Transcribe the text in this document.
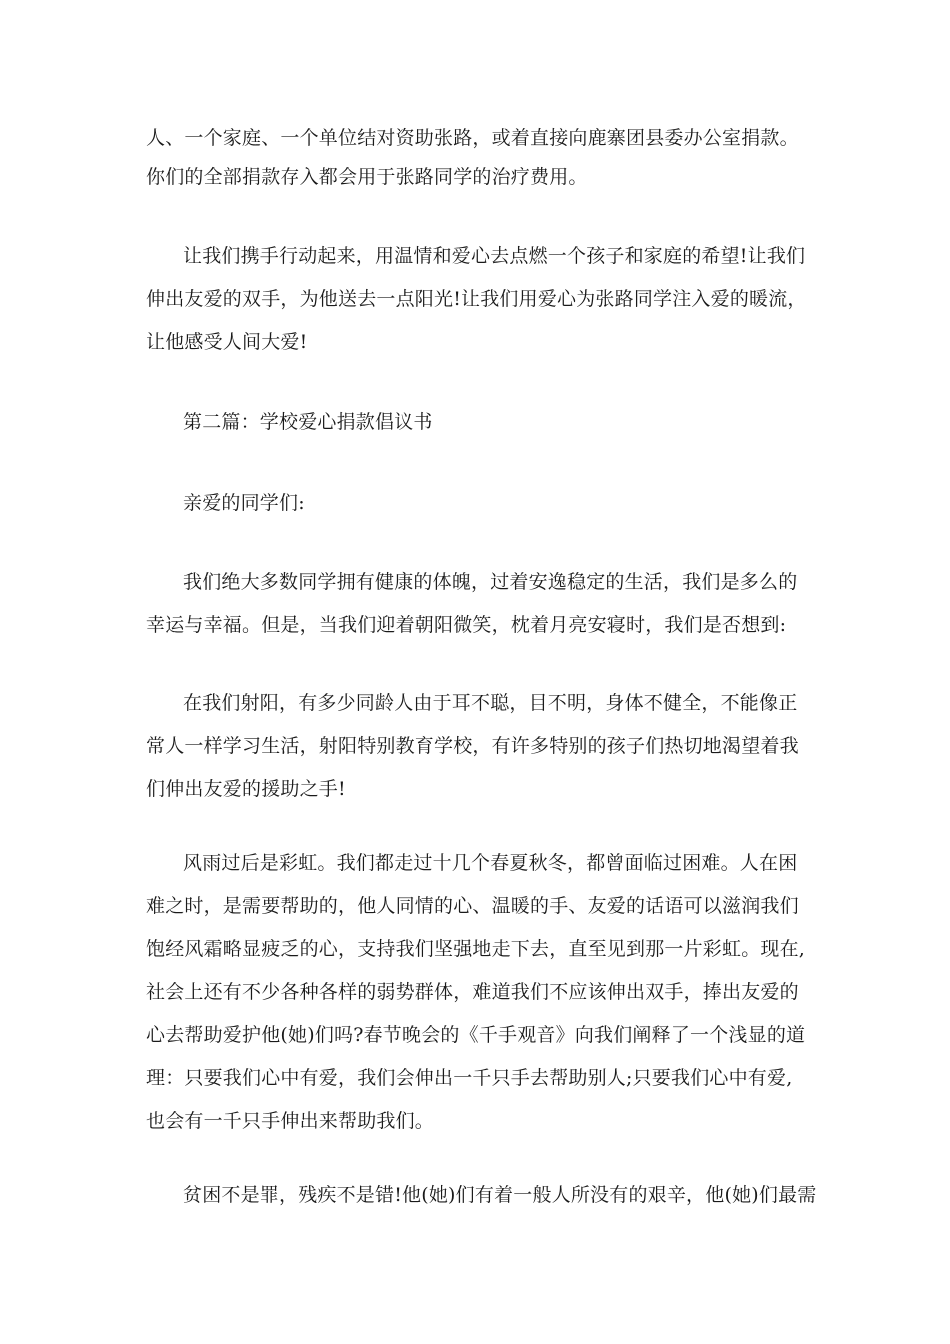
人、一个家庭、一个单位结对资助张路，或着直接向鹿寨团县委办公室捐款。
你们的全部捐款存入都会用于张路同学的治疗费用。
让我们携手行动起来，用温情和爱心去点燃一个孩子和家庭的希望!让我们
伸出友爱的双手，为他送去一点阳光!让我们用爱心为张路同学注入爱的暖流，
让他感受人间大爱!
第二篇：学校爱心捐款倡议书
亲爱的同学们:
我们绝大多数同学拥有健康的体魄，过着安逸稳定的生活，我们是多么的
幸运与幸福。但是，当我们迎着朝阳微笑，枕着月亮安寝时，我们是否想到:
在我们射阳，有多少同龄人由于耳不聪，目不明，身体不健全，不能像正
常人一样学习生活，射阳特别教育学校，有许多特别的孩子们热切地渴望着我
们伸出友爱的援助之手!
风雨过后是彩虹。我们都走过十几个春夏秋冬，都曾面临过困难。人在困
难之时，是需要帮助的，他人同情的心、温暖的手、友爱的话语可以滋润我们
饱经风霜略显疲乏的心，支持我们坚强地走下去，直至见到那一片彩虹。现在,
社会上还有不少各种各样的弱势群体，难道我们不应该伸出双手，捧出友爱的
心去帮助爱护他(她)们吗?春节晚会的《千手观音》向我们阐释了一个浅显的道
理：只要我们心中有爱，我们会伸出一千只手去帮助别人;只要我们心中有爱,
也会有一千只手伸出来帮助我们。
贫困不是罪，残疾不是错!他(她)们有着一般人所没有的艰辛，他(她)们最需
